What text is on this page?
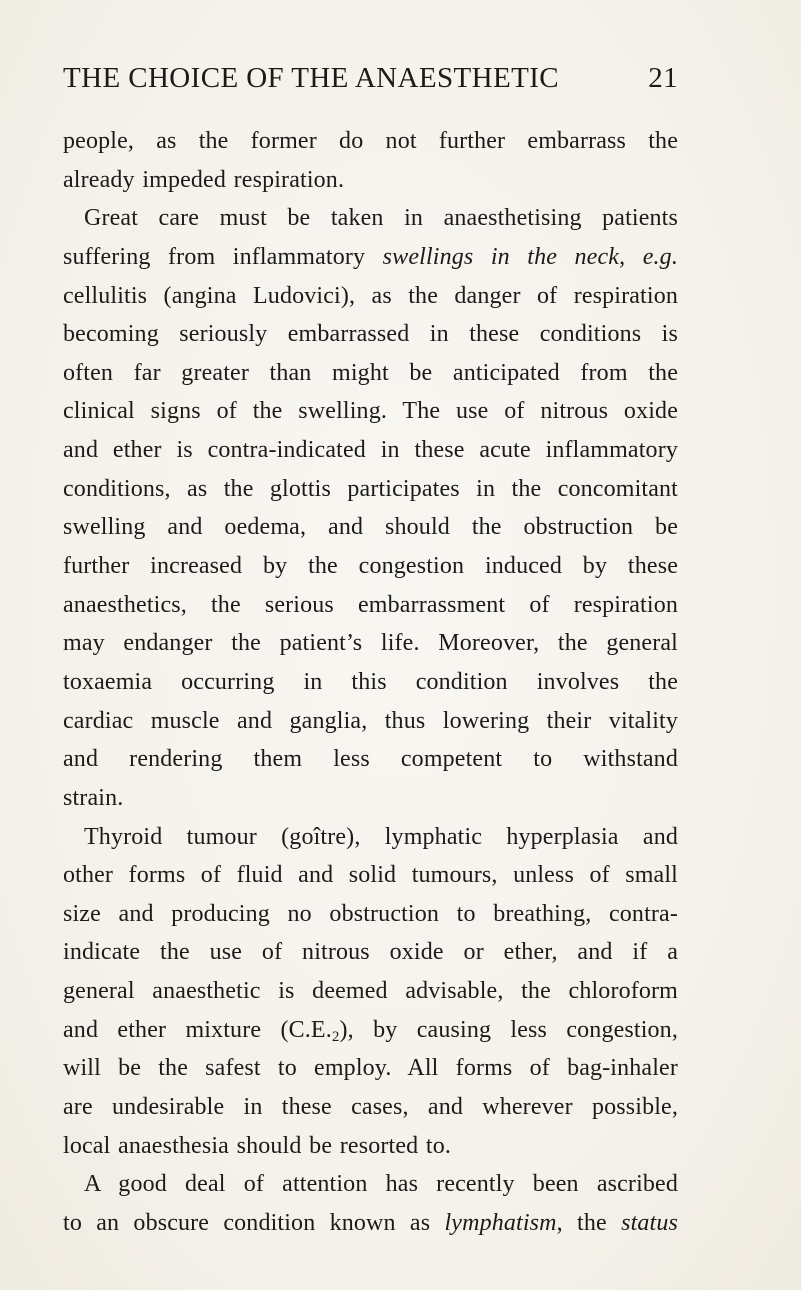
THE CHOICE OF THE ANAESTHETIC	21
people, as the former do not further embarrass the
already impeded respiration.
Great care must be taken in anaesthetising patients
suffering from inflammatory swellings in the neck, e.g.
cellulitis (angina Ludovici), as the danger of respiration
becoming seriously embarrassed in these conditions is
often far greater than might be anticipated from the
clinical signs of the swelling. The use of nitrous oxide
and ether is contra-indicated in these acute inflammatory
conditions, as the glottis participates in the concomitant
swelling and oedema, and should the obstruction be
further increased by the congestion induced by these
anaesthetics, the serious embarrassment of respiration
may endanger the patient’s life. Moreover, the general
toxaemia occurring in this condition involves the
cardiac muscle and ganglia, thus lowering their vitality
and rendering them less competent to withstand
strain.
Thyroid tumour (goître), lymphatic hyperplasia and
other forms of fluid and solid tumours, unless of small
size and producing no obstruction to breathing, contra-
indicate the use of nitrous oxide or ether, and if a
general anaesthetic is deemed advisable, the chloroform
and ether mixture $(C.E._2)$, by causing less congestion,
will be the safest to employ. All forms of bag-inhaler
are undesirable in these cases, and wherever possible,
local anaesthesia should be resorted to.
A good deal of attention has recently been ascribed
to an obscure condition known as lymphatism, the status
